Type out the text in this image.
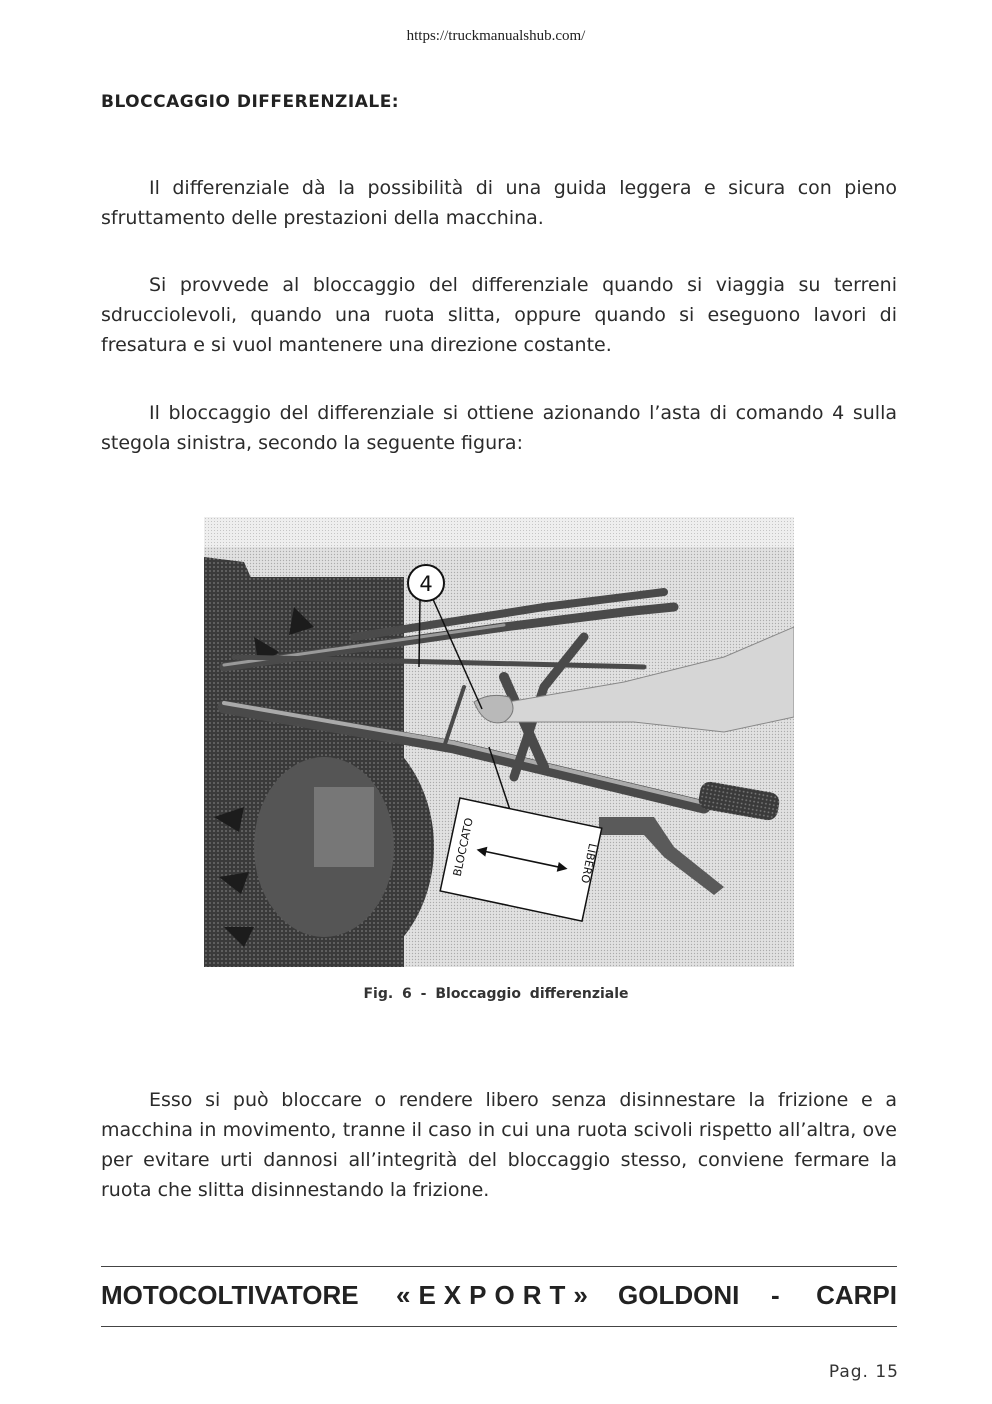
https://truckmanualshub.com/
BLOCCAGGIO DIFFERENZIALE:

Il differenziale dà la possibilità di una guida leggera e sicura con pieno sfruttamento delle prestazioni della macchina.

Si provvede al bloccaggio del differenziale quando si viaggia su terreni sdrucciolevoli, quando una ruota slitta, oppure quando si eseguono lavori di fresatura e si vuol mantenere una direzione costante.

Il bloccaggio del differenziale si ottiene azionando l’asta di comando 4 sulla stegola sinistra, secondo la seguente figura:

4
BLOCCATO	LIBERO
Fig. 6 - Bloccaggio differenziale

Esso si può bloccare o rendere libero senza disinnestare la frizione e a macchina in movimento, tranne il caso in cui una ruota scivoli rispetto all’altra, ove per evitare urti dannosi all’integrità del bloccaggio stesso, conviene fermare la ruota che slitta disinnestando la frizione.

MOTOCOLTIVATORE «EXPORT» GOLDONI - CARPI
Pag. 15
